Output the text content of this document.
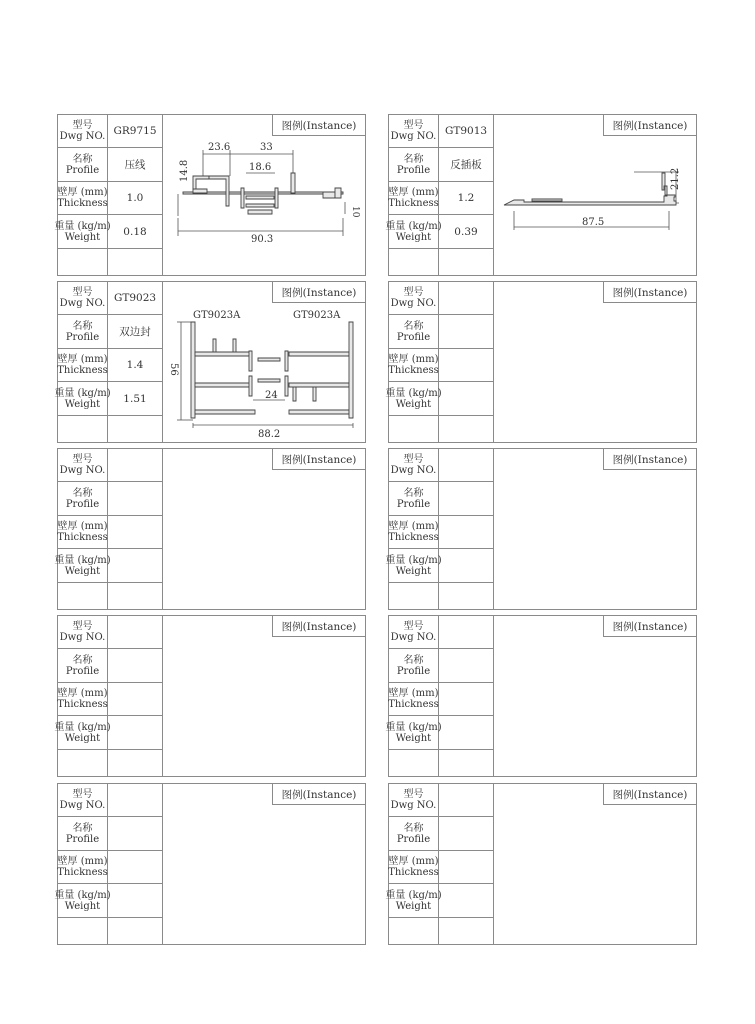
型号
Dwg NO. GR9715
名称
Profile	压线
壁厚 (mm)
Thickness	1.0
重量 (kg/m)
Weight	0.18
图例(Instance)
23.6	33
14.8	18.6
10
90.3
型号
Dwg NO. GT9013
名称
Profile	反插板
壁厚 (mm)
Thickness	1.2
重量 (kg/m)
Weight	0.39
图例(Instance)
21.2
87.5
型号
Dwg NO. GT9023
名称
Profile	双边封
壁厚 (mm)
Thickness	1.4
重量 (kg/m)
Weight	1.51
图例(Instance)
GT9023A	GT9023A
56
24
88.2
型号
Dwg NO.
名称
Profile
壁厚 (mm)
Thickness
重量 (kg/m)
Weight
图例(Instance)
型号
Dwg NO.
名称
Profile
壁厚 (mm)
Thickness
重量 (kg/m)
Weight
图例(Instance)	型号
Dwg NO.
名称
Profile
壁厚 (mm)
Thickness
重量 (kg/m)
Weight
图例(Instance)
型号
Dwg NO.
名称
Profile
壁厚 (mm)
Thickness
重量 (kg/m)
Weight
图例(Instance)	型号
Dwg NO.
名称
Profile
壁厚 (mm)
Thickness
重量 (kg/m)
Weight
图例(Instance)
型号
Dwg NO.
名称
Profile
壁厚 (mm)
Thickness
重量 (kg/m)
Weight
图例(Instance)	型号
Dwg NO.
名称
Profile
壁厚 (mm)
Thickness
重量 (kg/m)
Weight
图例(Instance)
